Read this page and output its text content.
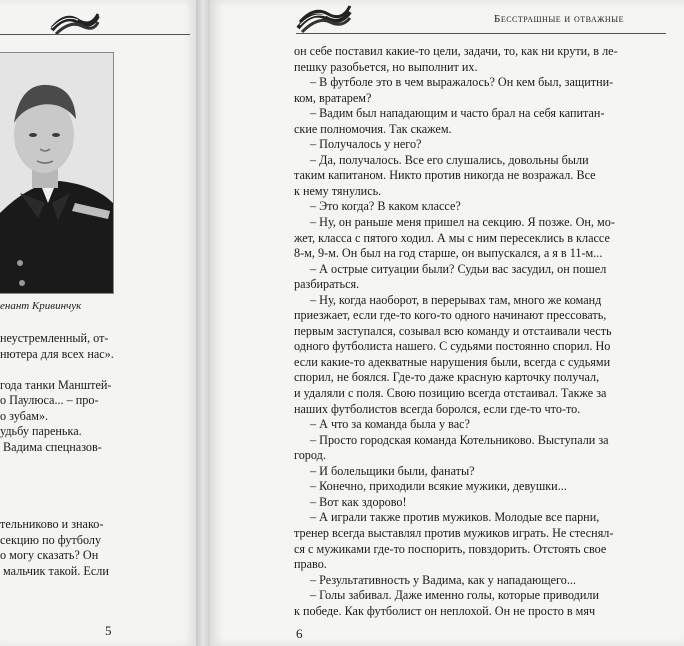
енант Кривинчук
неустремленный, от-
нютера для всех нас».
года танки Манштей-
о Паулюса... – про-
о зубам».
удьбу паренька.
Вадима спецназов-
тельниково и знако-
секцию по футболу
о могу сказать? Он
мальчик такой. Если
5
Бесстрашные и отважные
он себе поставил какие-то цели, задачи, то, как ни крути, в ле-
пешку разобьется, но выполнит их.
– В футболе это в чем выражалось? Он кем был, защитни-
ком, вратарем?
– Вадим был нападающим и часто брал на себя капитан-
ские полномочия. Так скажем.
– Получалось у него?
– Да, получалось. Все его слушались, довольны были
таким капитаном. Никто против никогда не возражал. Все
к нему тянулись.
– Это когда? В каком классе?
– Ну, он раньше меня пришел на секцию. Я позже. Он, мо-
жет, класса с пятого ходил. А мы с ним пересеклись в классе
8-м, 9-м. Он был на год старше, он выпускался, а я в 11-м...
– А острые ситуации были? Судьи вас засудил, он пошел
разбираться.
– Ну, когда наоборот, в перерывах там, много же команд
приезжает, если где-то кого-то одного начинают прессовать,
первым заступался, созывал всю команду и отстаивали честь
одного футболиста нашего. С судьями постоянно спорил. Но
если какие-то адекватные нарушения были, всегда с судьями
спорил, не боялся. Где-то даже красную карточку получал,
и удаляли с поля. Свою позицию всегда отстаивал. Также за
наших футболистов всегда боролся, если где-то что-то.
– А что за команда была у вас?
– Просто городская команда Котельниково. Выступали за
город.
– И болельщики были, фанаты?
– Конечно, приходили всякие мужики, девушки...
– Вот как здорово!
– А играли также против мужиков. Молодые все парни,
тренер всегда выставлял против мужиков играть. Не стеснял-
ся с мужиками где-то поспорить, повздорить. Отстоять свое
право.
– Результативность у Вадима, как у нападающего...
– Голы забивал. Даже именно голы, которые приводили
к победе. Как футболист он неплохой. Он не просто в мяч
6
